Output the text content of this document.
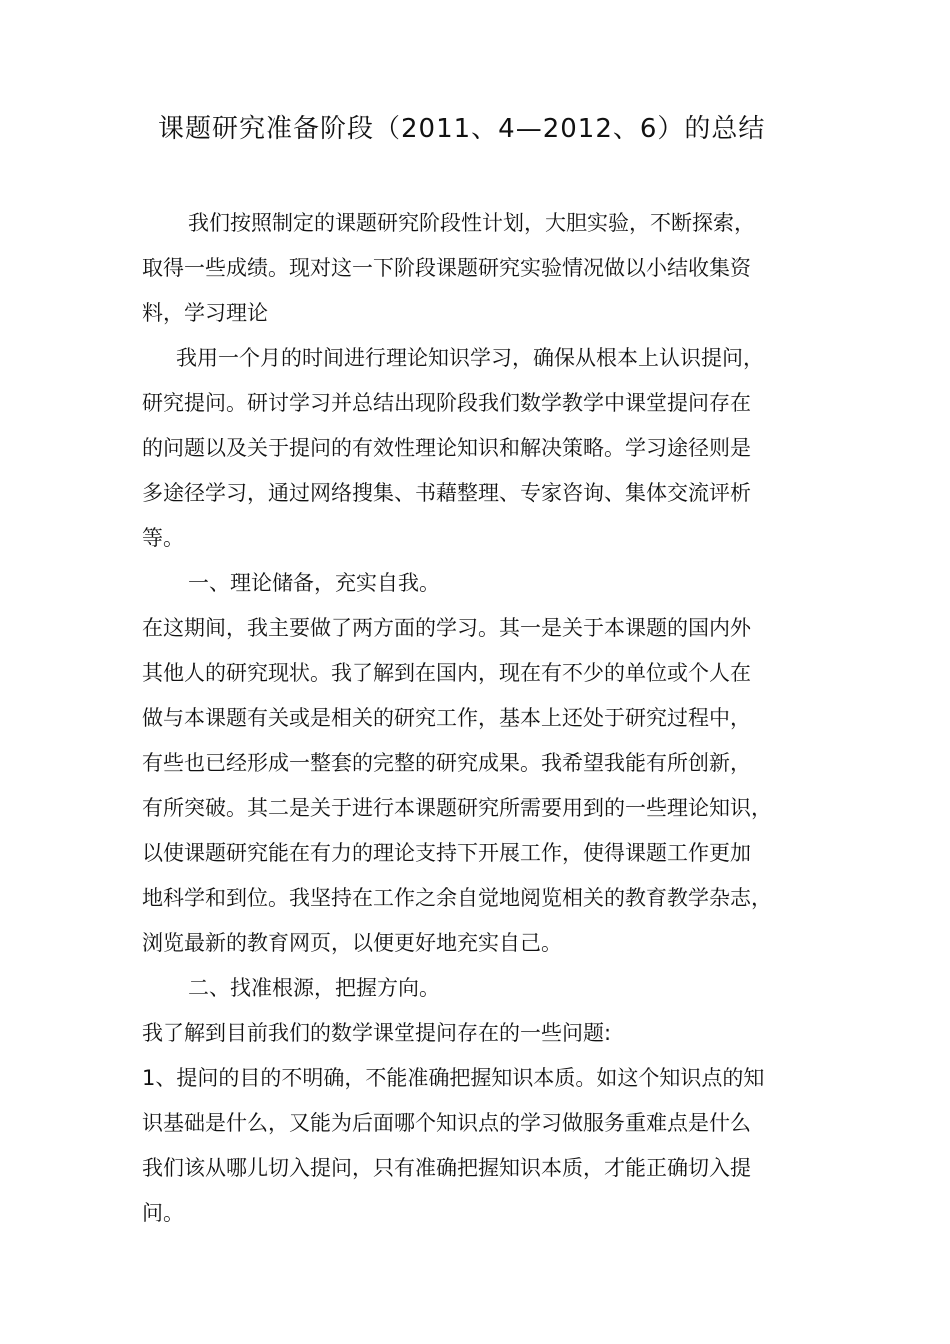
课题研究准备阶段（2011、4—2012、6）的总结
我们按照制定的课题研究阶段性计划，大胆实验，不断探索，
取得一些成绩。现对这一下阶段课题研究实验情况做以小结收集资
料，学习理论
我用一个月的时间进行理论知识学习，确保从根本上认识提问，
研究提问。研讨学习并总结出现阶段我们数学教学中课堂提问存在
的问题以及关于提问的有效性理论知识和解决策略。学习途径则是
多途径学习，通过网络搜集、书藉整理、专家咨询、集体交流评析
等。
一、理论储备，充实自我。
在这期间，我主要做了两方面的学习。其一是关于本课题的国内外
其他人的研究现状。我了解到在国内，现在有不少的单位或个人在
做与本课题有关或是相关的研究工作，基本上还处于研究过程中，
有些也已经形成一整套的完整的研究成果。我希望我能有所创新，
有所突破。其二是关于进行本课题研究所需要用到的一些理论知识，
以使课题研究能在有力的理论支持下开展工作，使得课题工作更加
地科学和到位。我坚持在工作之余自觉地阅览相关的教育教学杂志，
浏览最新的教育网页，以便更好地充实自己。
二、找准根源，把握方向。
我了解到目前我们的数学课堂提问存在的一些问题:
1、提问的目的不明确，不能准确把握知识本质。如这个知识点的知
识基础是什么，又能为后面哪个知识点的学习做服务重难点是什么
我们该从哪儿切入提问，只有准确把握知识本质，才能正确切入提
问。
